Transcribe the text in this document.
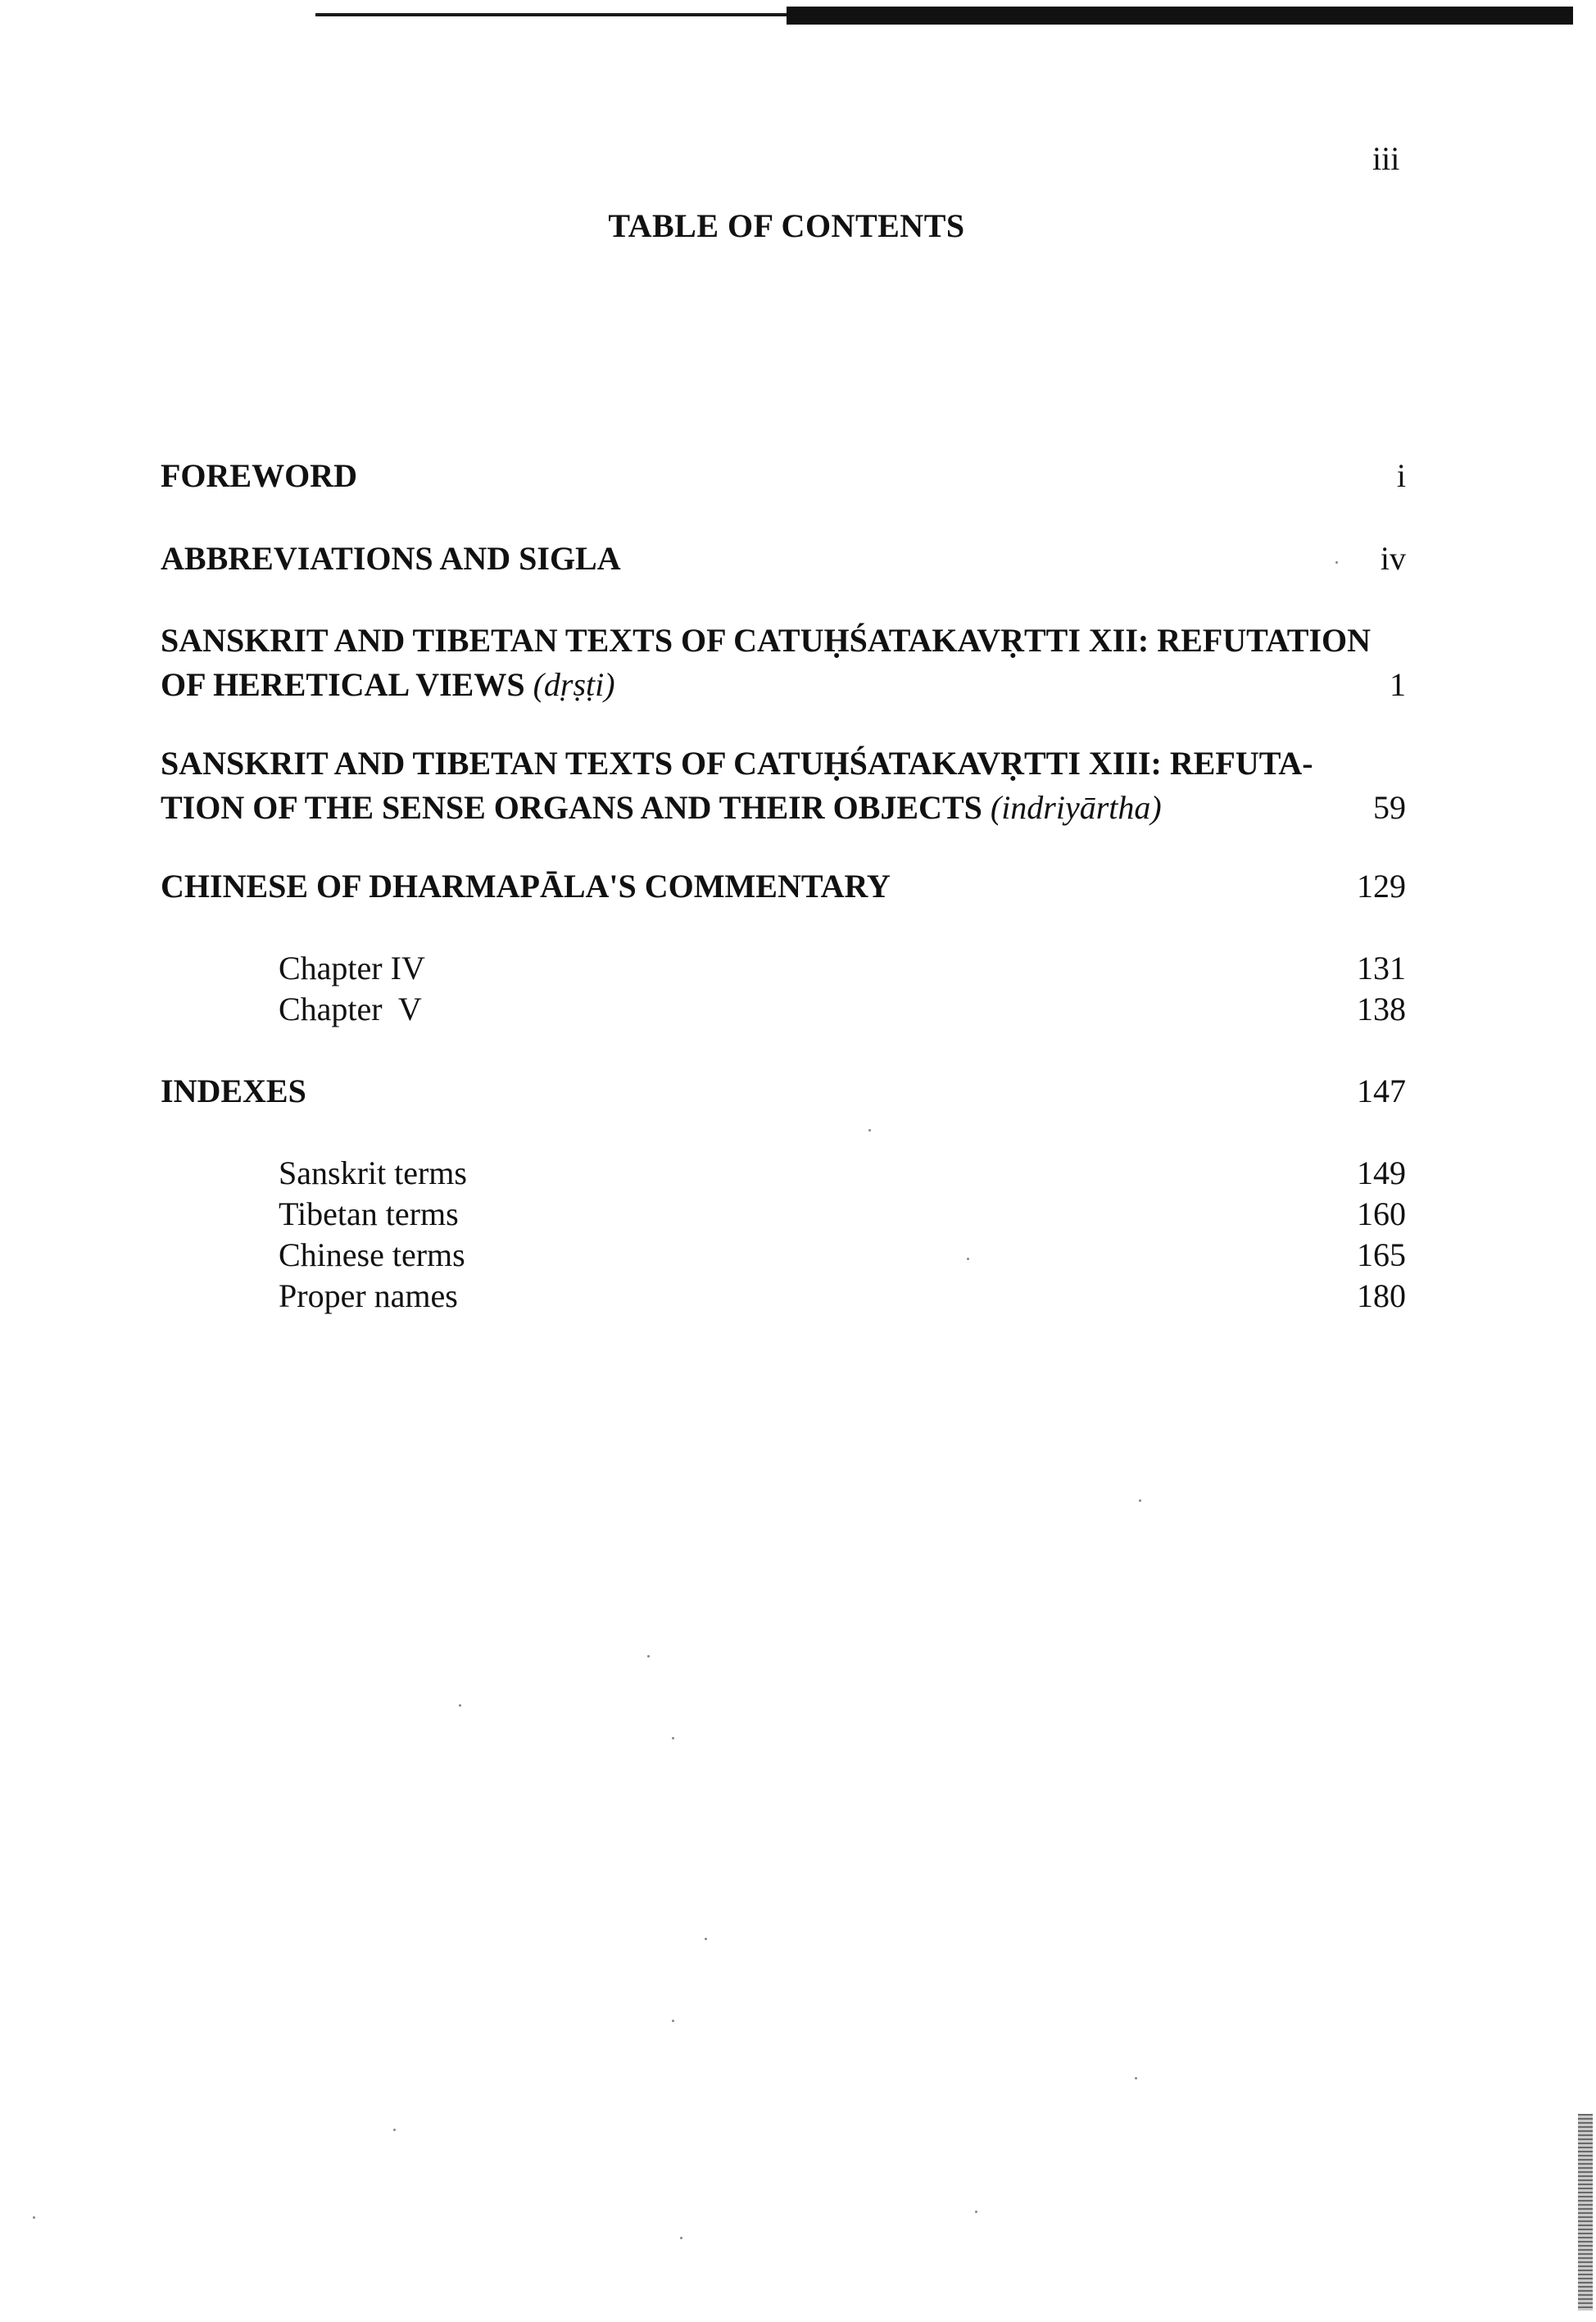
iii
TABLE OF CONTENTS
FOREWORD	i
ABBREVIATIONS AND SIGLA	iv
SANSKRIT AND TIBETAN TEXTS OF CATUḤŚATAKAVṚTTI XII: REFUTATION
OF HERETICAL VIEWS (dṛṣṭi)	1
SANSKRIT AND TIBETAN TEXTS OF CATUḤŚATAKAVṚTTI XIII: REFUTA-
TION OF THE SENSE ORGANS AND THEIR OBJECTS (indriyārtha)	59
CHINESE OF DHARMAPĀLA'S COMMENTARY	129
Chapter IV	131
Chapter  V	138
INDEXES	147
Sanskrit terms	149
Tibetan terms	160
Chinese terms	165
Proper names	180
